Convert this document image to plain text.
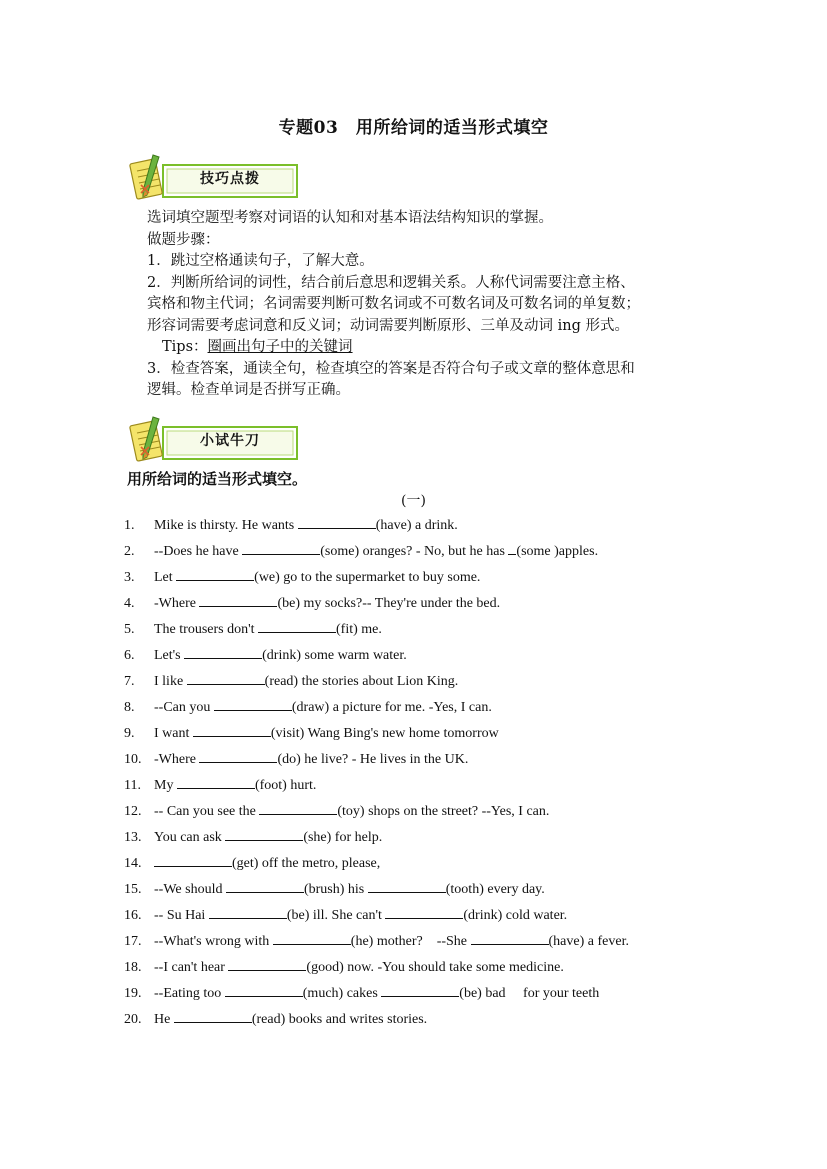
专题03　用所给词的适当形式填空
技巧点拨
选词填空题型考察对词语的认知和对基本语法结构知识的掌握。
做题步骤：
1．跳过空格通读句子，了解大意。
2．判断所给词的词性，结合前后意思和逻辑关系。人称代词需要注意主格、
宾格和物主代词；名词需要判断可数名词或不可数名词及可数名词的单复数；
形容词需要考虑词意和反义词；动词需要判断原形、三单及动词 ing 形式。
Tips：圈画出句子中的关键词
3．检查答案，通读全句，检查填空的答案是否符合句子或文章的整体意思和
逻辑。检查单词是否拼写正确。
小试牛刀
用所给词的适当形式填空。
(一)
1. Mike is thirsty. He wants	(have) a drink.
2. --Does he have	(some) oranges? - No, but he has (some )apples.
3. Let	(we) go to the supermarket to buy some.
4. -Where	(be) my socks?-- They're under the bed.
5. The trousers don't	(fit) me.
6. Let's	(drink) some warm water.
7. I like	(read) the stories about Lion King.
8. --Can you	(draw) a picture for me. -Yes, I can.
9. I want	(visit) Wang Bing's new home tomorrow
10. -Where	(do) he live? - He lives in the UK.
11. My	(foot) hurt.
12. -- Can you see the	(toy) shops on the street? --Yes, I can.
13. You can ask	(she) for help.
14.	(get) off the metro, please,
15. --We should	(brush) his	(tooth) every day.
16. -- Su Hai	(be) ill. She can't	(drink) cold water.
17. --What's wrong with	(he) mother?　--She	(have) a fever.
18. --I can't hear	(good) now. -You should take some medicine.
19. --Eating too	(much) cakes	(be) bad　 for your teeth
20. He	(read) books and writes stories.
